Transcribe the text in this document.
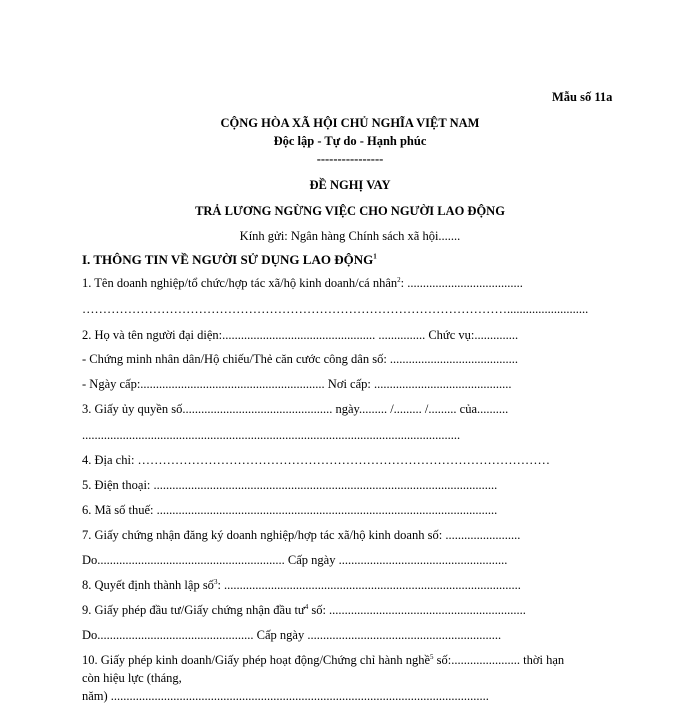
Mẫu số 11a
CỘNG HÒA XÃ HỘI CHỦ NGHĨA VIỆT NAM
Độc lập - Tự do - Hạnh phúc
----------------
ĐỀ NGHỊ VAY
TRẢ LƯƠNG NGỪNG VIỆC CHO NGƯỜI LAO ĐỘNG
Kính gửi: Ngân hàng Chính sách xã hội.......
I. THÔNG TIN VỀ NGƯỜI SỬ DỤNG LAO ĐỘNG$^1$
1. Tên doanh nghiệp/tổ chức/hợp tác xã/hộ kinh doanh/cá nhân$^2$: .....................................
…………………………………………………………………………………………..........................
2. Họ và tên người đại diện:................................................. ............... Chức vụ:..............
- Chứng minh nhân dân/Hộ chiếu/Thẻ căn cước công dân số: .........................................
- Ngày cấp:........................................................... Nơi cấp: ............................................
3. Giấy ủy quyền số................................................ ngày......... /......... /......... của..........
.........................................................................................................................
4. Địa chỉ: ………………………………………………………………………………………
5. Điện thoại: ..............................................................................................................
6. Mã số thuế: .............................................................................................................
7. Giấy chứng nhận đăng ký doanh nghiệp/hợp tác xã/hộ kinh doanh số: ........................
Do............................................................ Cấp ngày ......................................................
8. Quyết định thành lập số$^3$: ...............................................................................................
9. Giấy phép đầu tư/Giấy chứng nhận đầu $tư^4$ số: ...............................................................
Do.................................................. Cấp ngày ..............................................................
10. Giấy phép kinh doanh/Giấy phép hoạt động/Chứng chỉ hành nghề$^5$ số:...................... thời hạn
còn hiệu lực (tháng,
năm) .........................................................................................................................
